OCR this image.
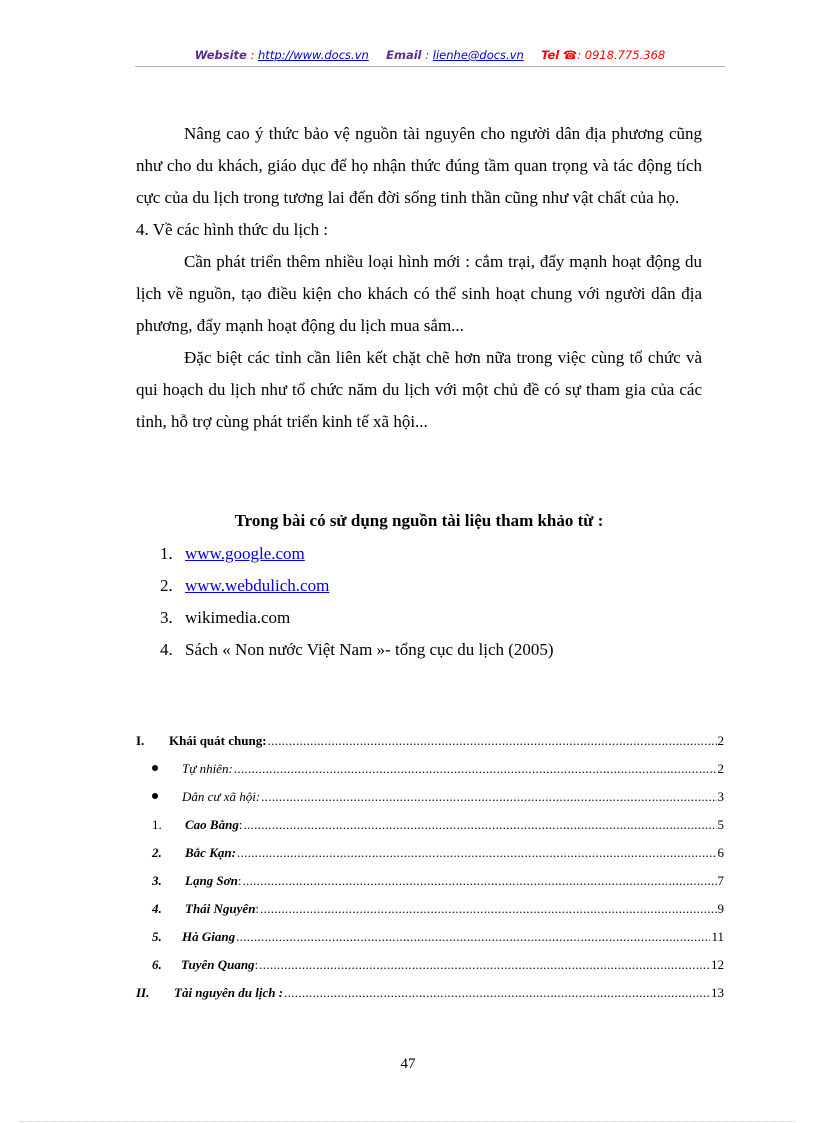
Website : http://www.docs.vn Email : lienhe@docs.vn Tel ☎: 0918.775.368

Nâng cao ý thức bảo vệ nguồn tài nguyên cho người dân địa phương cũng như cho du khách, giáo dục để họ nhận thức đúng tầm quan trọng và tác động tích cực của du lịch trong tương lai đến đời sống tinh thần cũng như vật chất của họ.

4. Về các hình thức du lịch :

Cần phát triển thêm nhiều loại hình mới : cắm trại, đẩy mạnh hoạt động du lịch về nguồn, tạo điều kiện cho khách có thể sinh hoạt chung với người dân địa phương, đẩy mạnh hoạt động du lịch mua sắm...

Đặc biệt các tỉnh cần liên kết chặt chẽ hơn nữa trong việc cùng tổ chức và qui hoạch du lịch như tổ chức năm du lịch với một chủ đề có sự tham gia của các tỉnh, hỗ trợ cùng phát triển kinh tế xã hội...

Trong bài có sử dụng nguồn tài liệu tham khảo từ :
1. www.google.com
2. www.webdulich.com
3. wikimedia.com
4. Sách « Non nước Việt Nam »- tổng cục du lịch (2005)
I.	Khái quát chung: .....	2
Tự nhiên: .....	2
Dân cư xã hội: .....	3
1.	Cao Bằng : .....	5
2.	Bắc Kạn: .....	6
3.	Lạng Sơn : .....	7
4.	Thái Nguyên : .....	9
5.	Hà Giang .....	11
6.	Tuyên Quang : .....	12
II.	Tài nguyên du lịch : .....	13
47
